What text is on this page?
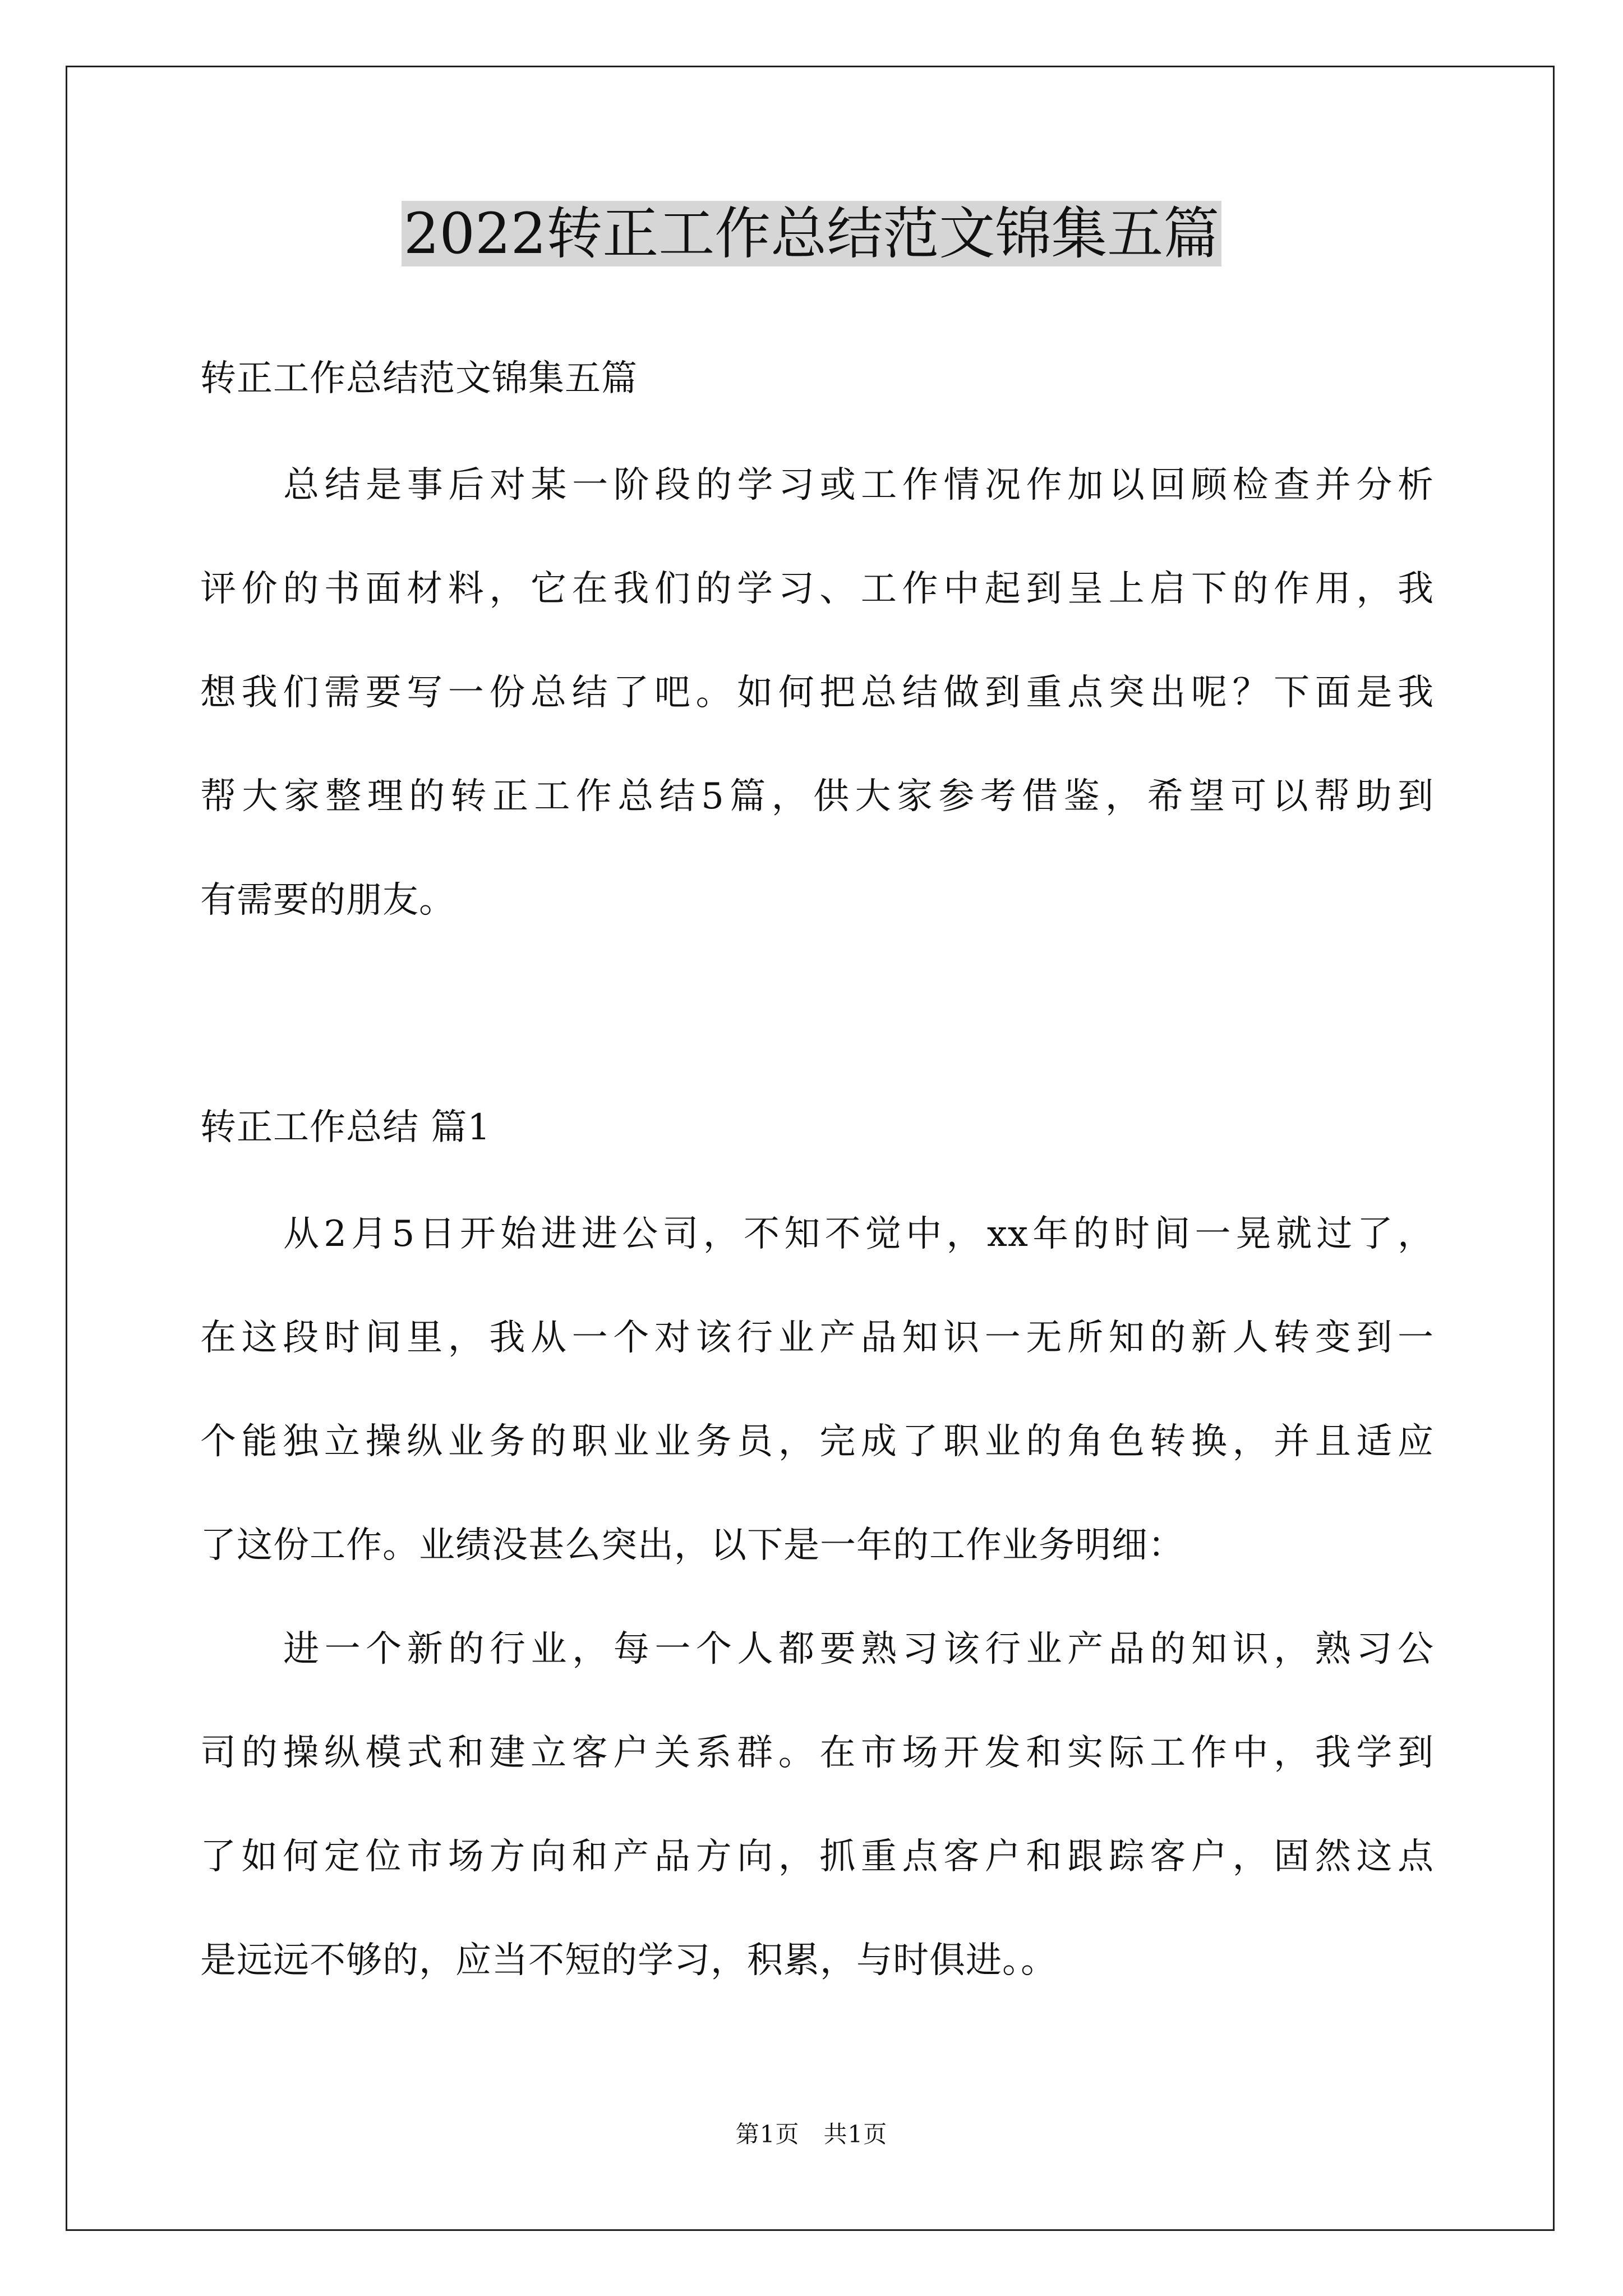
2022转正工作总结范文锦集五篇
转正工作总结范文锦集五篇
总结是事后对某一阶段的学习或工作情况作加以回顾检查并分析
评价的书面材料，它在我们的学习、工作中起到呈上启下的作用，我
想我们需要写一份总结了吧。如何把总结做到重点突出呢？下面是我
帮大家整理的转正工作总结5篇，供大家参考借鉴，希望可以帮助到
有需要的朋友。
转正工作总结 篇1
从2月5日开始进进公司，不知不觉中，xx年的时间一晃就过了，
在这段时间里，我从一个对该行业产品知识一无所知的新人转变到一
个能独立操纵业务的职业业务员，完成了职业的角色转换，并且适应
了这份工作。业绩没甚么突出，以下是一年的工作业务明细：
进一个新的行业，每一个人都要熟习该行业产品的知识，熟习公
司的操纵模式和建立客户关系群。在市场开发和实际工作中，我学到
了如何定位市场方向和产品方向，抓重点客户和跟踪客户，固然这点
是远远不够的，应当不短的学习，积累，与时俱进。。
第1页　共1页
